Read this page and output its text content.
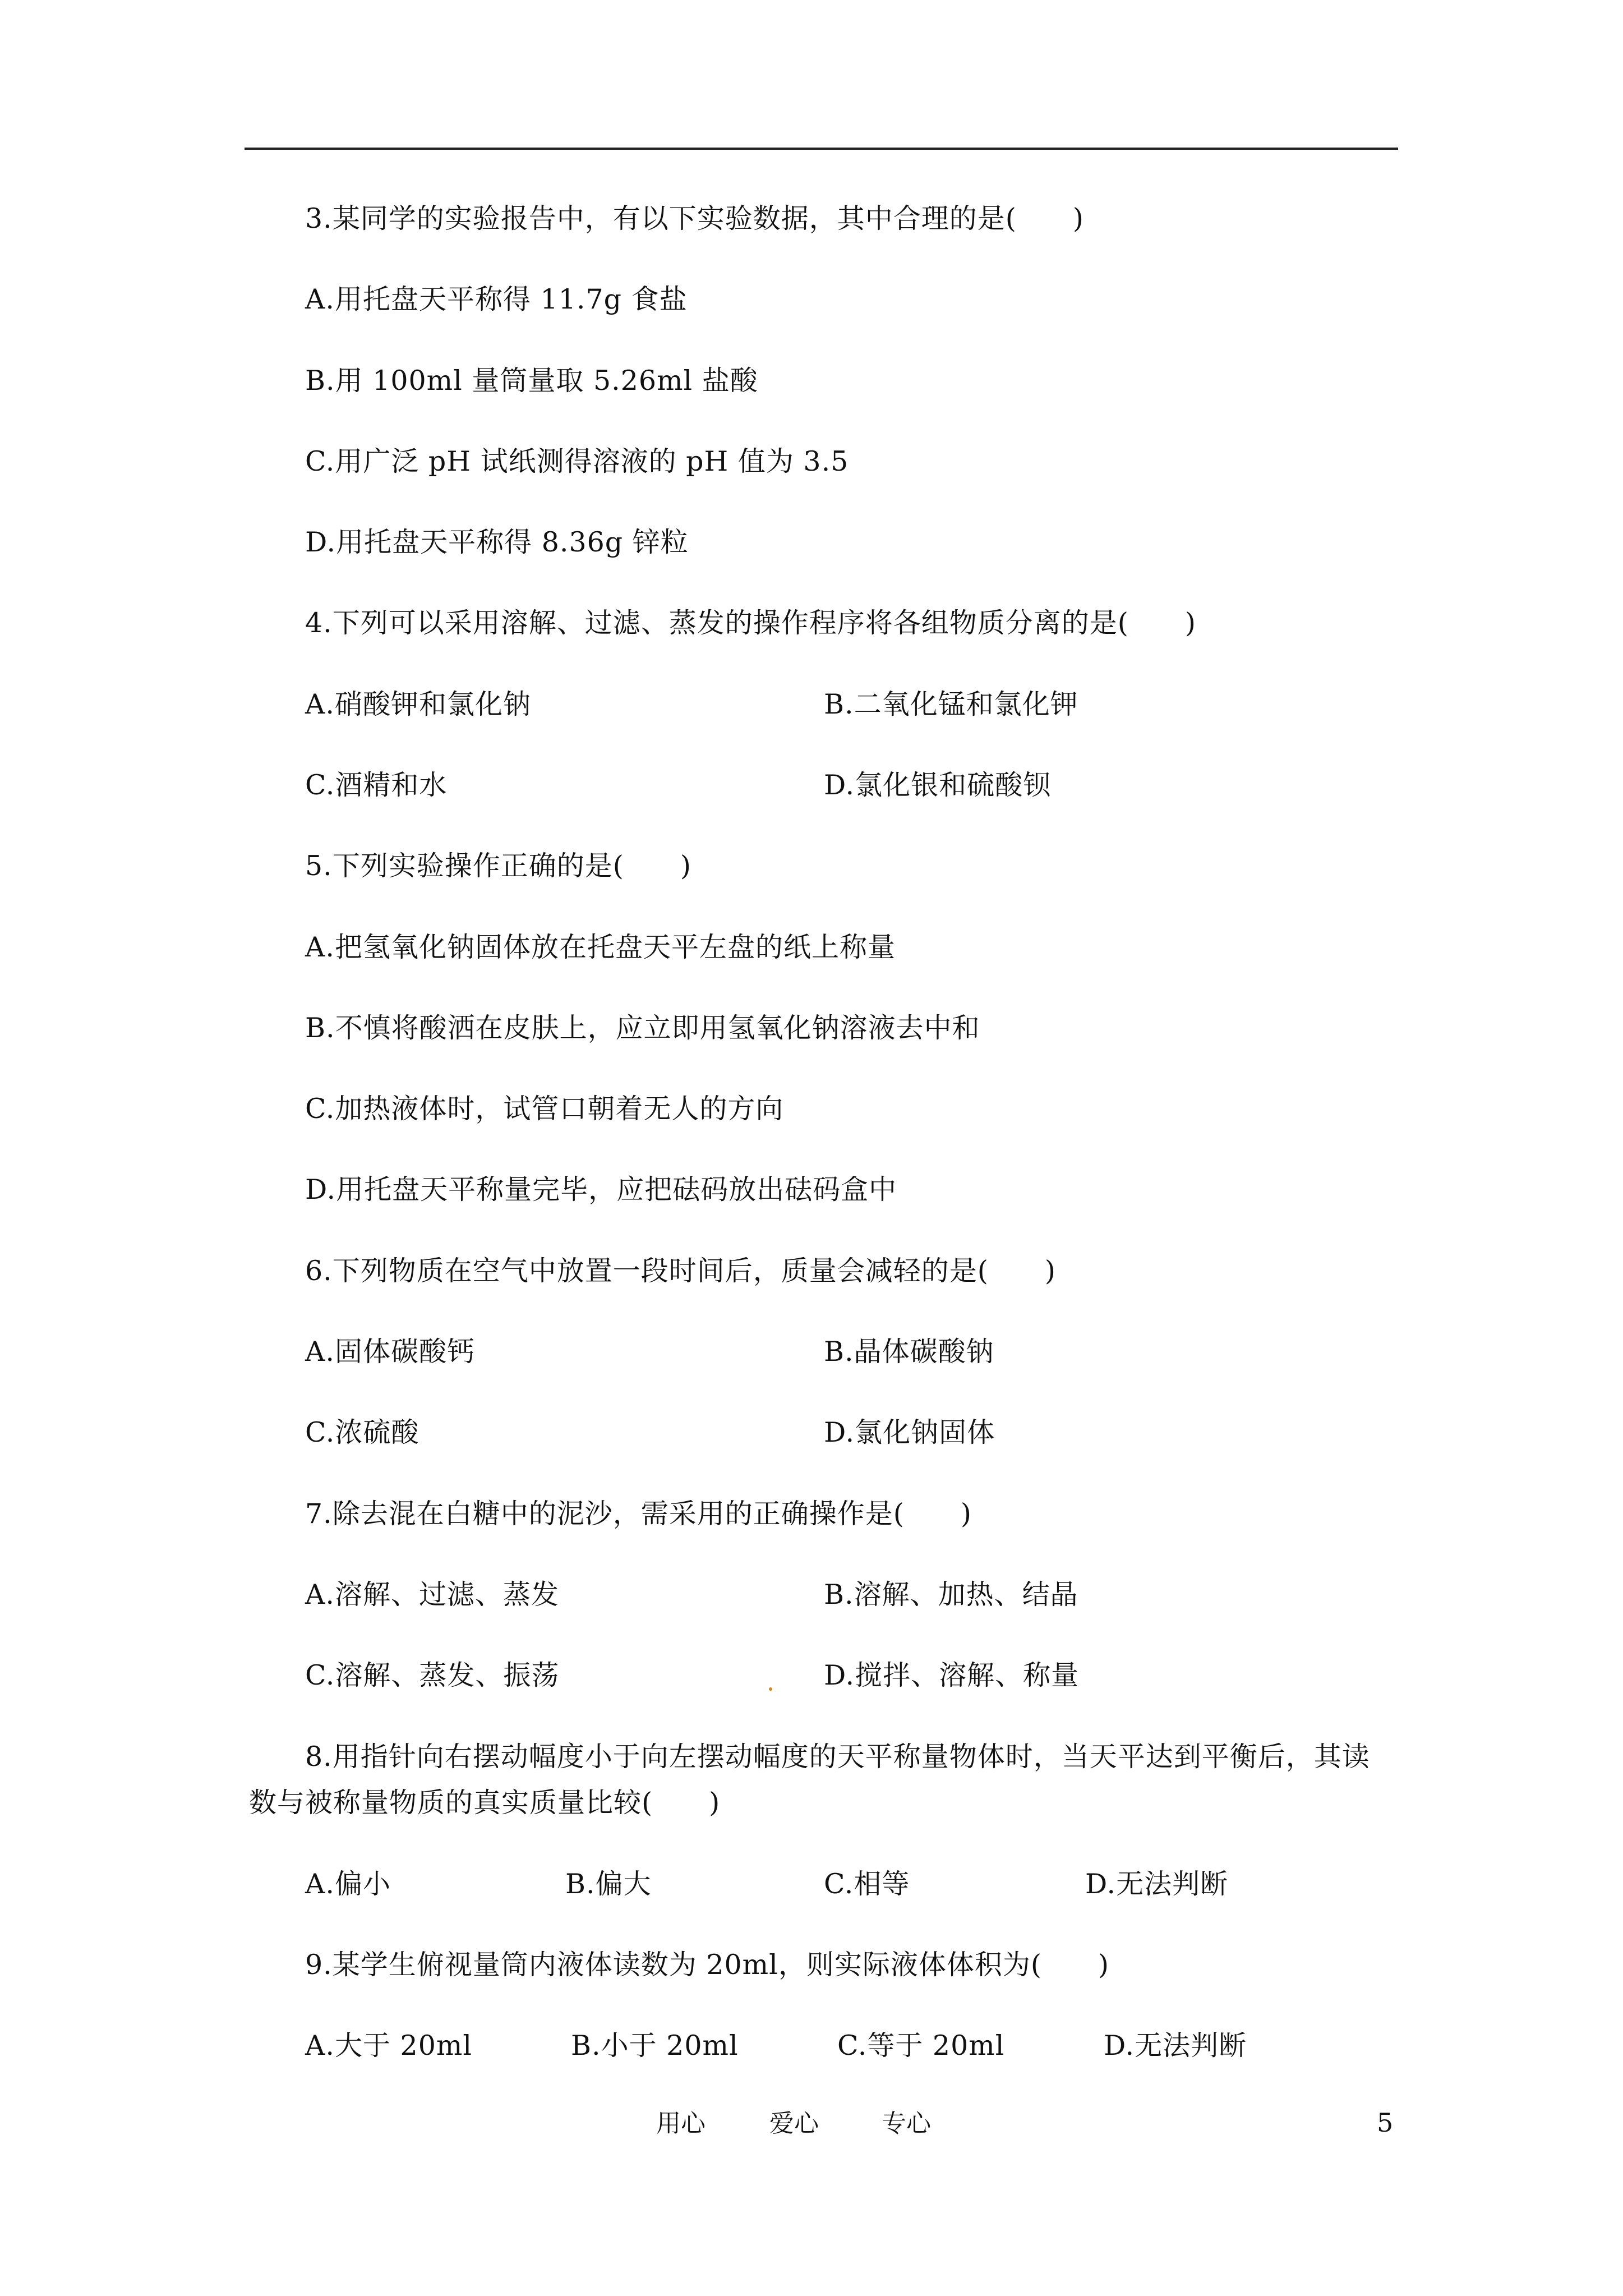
3.某同学的实验报告中，有以下实验数据，其中合理的是(　　)
A.用托盘天平称得 11.7g 食盐
B.用 100ml 量筒量取 5.26ml 盐酸
C.用广泛 pH 试纸测得溶液的 pH 值为 3.5
D.用托盘天平称得 8.36g 锌粒
4.下列可以采用溶解、过滤、蒸发的操作程序将各组物质分离的是(　　)
A.硝酸钾和氯化钠	B.二氧化锰和氯化钾
C.酒精和水	D.氯化银和硫酸钡
5.下列实验操作正确的是(　　)
A.把氢氧化钠固体放在托盘天平左盘的纸上称量
B.不慎将酸洒在皮肤上，应立即用氢氧化钠溶液去中和
C.加热液体时，试管口朝着无人的方向
D.用托盘天平称量完毕，应把砝码放出砝码盒中
6.下列物质在空气中放置一段时间后，质量会减轻的是(　　)
A.固体碳酸钙	B.晶体碳酸钠
C.浓硫酸	D.氯化钠固体
7.除去混在白糖中的泥沙，需采用的正确操作是(　　)
A.溶解、过滤、蒸发	B.溶解、加热、结晶
C.溶解、蒸发、振荡	D.搅拌、溶解、称量
8.用指针向右摆动幅度小于向左摆动幅度的天平称量物体时，当天平达到平衡后，其读
数与被称量物质的真实质量比较(　　)
A.偏小	B.偏大	C.相等	D.无法判断
9.某学生俯视量筒内液体读数为 20ml，则实际液体体积为(　　)
A.大于 20ml	B.小于 20ml	C.等于 20ml	D.无法判断
用心	爱心	专心	5
